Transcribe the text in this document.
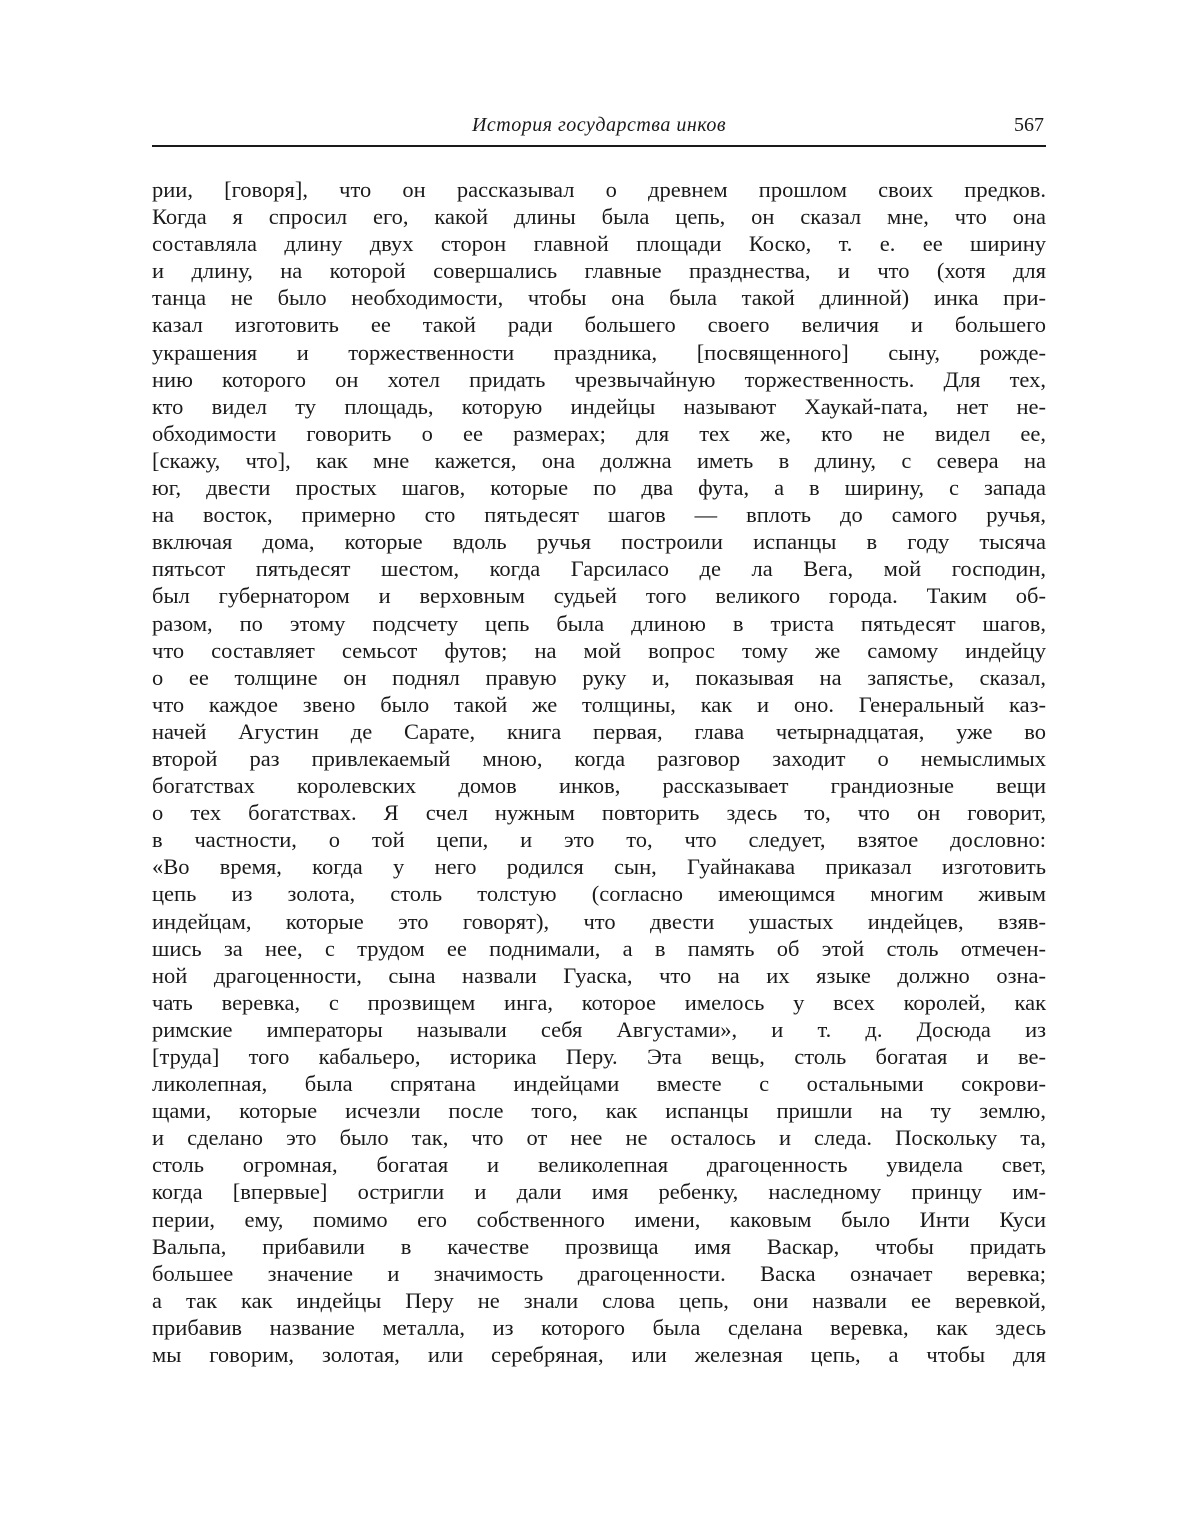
История государства инков	567
рии, [говоря], что он рассказывал о древнем прошлом своих предков.
Когда я спросил его, какой длины была цепь, он сказал мне, что она
составляла длину двух сторон главной площади Коско, т. е. ее ширину
и длину, на которой совершались главные празднества, и что (хотя для
танца не было необходимости, чтобы она была такой длинной) инка при-
казал изготовить ее такой ради большего своего величия и большего
украшения и торжественности праздника, [посвященного] сыну, рожде-
нию которого он хотел придать чрезвычайную торжественность. Для тех,
кто видел ту площадь, которую индейцы называют Хаукай-пата, нет не-
обходимости говорить о ее размерах; для тех же, кто не видел ее,
[скажу, что], как мне кажется, она должна иметь в длину, с севера на
юг, двести простых шагов, которые по два фута, а в ширину, с запада
на восток, примерно сто пятьдесят шагов — вплоть до самого ручья,
включая дома, которые вдоль ручья построили испанцы в году тысяча
пятьсот пятьдесят шестом, когда Гарсиласо де ла Вега, мой господин,
был губернатором и верховным судьей того великого города. Таким об-
разом, по этому подсчету цепь была длиною в триста пятьдесят шагов,
что составляет семьсот футов; на мой вопрос тому же самому индейцу
о ее толщине он поднял правую руку и, показывая на запястье, сказал,
что каждое звено было такой же толщины, как и оно. Генеральный каз-
начей Агустин де Сарате, книга первая, глава четырнадцатая, уже во
второй раз привлекаемый мною, когда разговор заходит о немыслимых
богатствах королевских домов инков, рассказывает грандиозные вещи
о тех богатствах. Я счел нужным повторить здесь то, что он говорит,
в частности, о той цепи, и это то, что следует, взятое дословно:
«Во время, когда у него родился сын, Гуайнакава приказал изготовить
цепь из золота, столь толстую (согласно имеющимся многим живым
индейцам, которые это говорят), что двести ушастых индейцев, взяв-
шись за нее, с трудом ее поднимали, а в память об этой столь отмечен-
ной драгоценности, сына назвали Гуаска, что на их языке должно озна-
чать веревка, с прозвищем инга, которое имелось у всех королей, как
римские императоры называли себя Августами», и т. д. Досюда из
[труда] того кабальеро, историка Перу. Эта вещь, столь богатая и ве-
ликолепная, была спрятана индейцами вместе с остальными сокрови-
щами, которые исчезли после того, как испанцы пришли на ту землю,
и сделано это было так, что от нее не осталось и следа. Поскольку та,
столь огромная, богатая и великолепная драгоценность увидела свет,
когда [впервые] остригли и дали имя ребенку, наследному принцу им-
перии, ему, помимо его собственного имени, каковым было Инти Куси
Вальпа, прибавили в качестве прозвища имя Васкар, чтобы придать
большее значение и значимость драгоценности. Васка означает веревка;
а так как индейцы Перу не знали слова цепь, они назвали ее веревкой,
прибавив название металла, из которого была сделана веревка, как здесь
мы говорим, золотая, или серебряная, или железная цепь, а чтобы для
